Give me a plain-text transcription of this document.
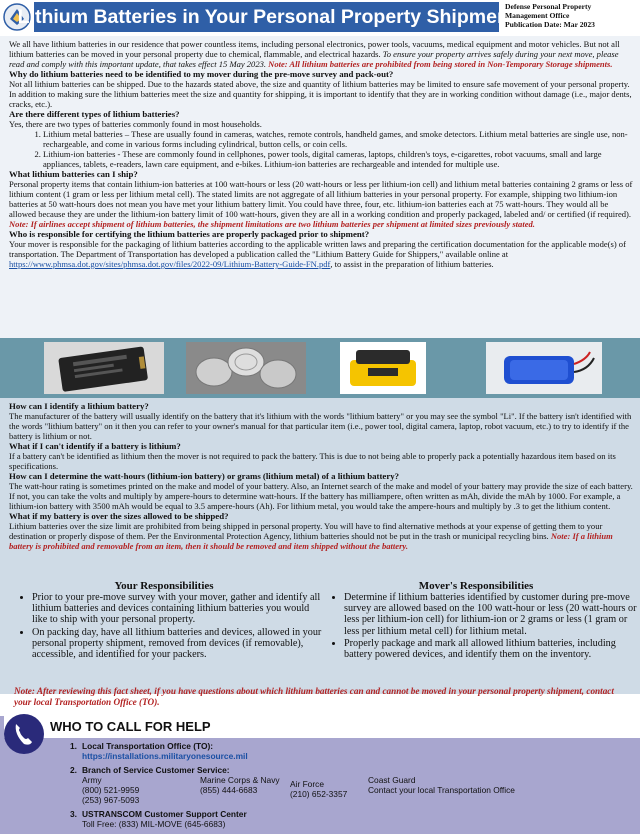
Lithium Batteries in Your Personal Property Shipment
Defense Personal Property
Management Office
Publication Date: Mar 2023

We all have lithium batteries in our residence that power countless items, including personal electronics, power tools, vacuums, medical equipment and motor vehicles. But not all lithium batteries can be moved in your personal property due to chemical, flammable, and electrical hazards. To ensure your property arrives safely during your next move, please read and comply with this important update, that takes effect 15 May 2023. Note: All lithium batteries are prohibited from being stored in Non-Temporary Storage shipments.

Why do lithium batteries need to be identified to my mover during the pre-move survey and pack-out?

Not all lithium batteries can be shipped. Due to the hazards stated above, the size and quantity of lithium batteries may be limited to ensure safe movement of your personal property. In addition to making sure the lithium batteries meet the size and quantity for shipping, it is important to identify that they are in working condition without damage (i.e., major dents, cracks, etc.).

Are there different types of lithium batteries?

Yes, there are two types of batteries commonly found in most households.

1. Lithium metal batteries – These are usually found in cameras, watches, remote controls, handheld games, and smoke detectors. Lithium metal batteries are single use, non-rechargeable, and come in various forms including cylindrical, button cells, or coin cells.
2. Lithium-ion batteries - These are commonly found in cellphones, power tools, digital cameras, laptops, children's toys, e-cigarettes, robot vacuums, small and large appliances, tablets, e-readers, lawn care equipment, and e-bikes. Lithium-ion batteries are rechargeable and intended for multiple use.
What lithium batteries can I ship?

Personal property items that contain lithium-ion batteries at 100 watt-hours or less (20 watt-hours or less per lithium-ion cell) and lithium metal batteries containing 2 grams or less of lithium content (1 gram or less per lithium metal cell). The stated limits are not aggregate of all lithium batteries in your personal property. For example, shipping two lithium-ion batteries at 50 watt-hours does not mean you have met your lithium battery limit. You could have three, four, etc. lithium-ion batteries each at 75 watt-hours. They would all be allowed because they are under the lithium-ion battery limit of 100 watt-hours, given they are all in a working condition and properly packaged, labeled and/ or certified (if required). Note: If airlines accept shipment of lithium batteries, the shipment limitations are two lithium batteries per shipment at limited sizes previously stated.

Who is responsible for certifying the lithium batteries are properly packaged prior to shipment?

Your mover is responsible for the packaging of lithium batteries according to the applicable written laws and preparing the certification documentation for the applicable mode(s) of transportation. The Department of Transportation has developed a publication called the "Lithium Battery Guide for Shippers," available online at https://www.phmsa.dot.gov/sites/phmsa.dot.gov/files/2022-09/Lithium-Battery-Guide-FN.pdf, to assist in the preparation of lithium batteries.

How can I identify a lithium battery?

The manufacturer of the battery will usually identify on the battery that it's lithium with the words "lithium battery" or you may see the symbol "Li". If the battery isn't identified with the words "lithium battery" on it then you can refer to your owner's manual for that particular item (i.e., power tool, digital camera, laptop, robot vacuum, etc.) to try to identify if the battery is lithium or not.

What if I can't identify if a battery is lithium?

If a battery can't be identified as lithium then the mover is not required to pack the battery. This is due to not being able to properly pack a potentially hazardous item based on its specifications.

How can I determine the watt-hours (lithium-ion battery) or grams (lithium metal) of a lithium battery?

The watt-hour rating is sometimes printed on the make and model of your battery. Also, an Internet search of the make and model of your battery may provide the size of each battery. If not, you can take the volts and multiply by ampere-hours to determine watt-hours. If the battery has milliampere, often written as mAh, divide the mAh by 1000. For example, a lithium-ion battery with 3500 mAh would be equal to 3.5 ampere-hours (Ah). For lithium metal, you would take the ampere-hours and multiply by .3 to get the lithium content.

What if my battery is over the sizes allowed to be shipped?

Lithium batteries over the size limit are prohibited from being shipped in personal property. You will have to find alternative methods at your expense of getting them to your destination or properly dispose of them. Per the Environmental Protection Agency, lithium batteries should not be put in the trash or municipal recycling bins. Note: If a lithium battery is prohibited and removable from an item, then it should be removed and item shipped without the battery.

Your Responsibilities
• Prior to your pre-move survey with your mover, gather and identify all lithium batteries and devices containing lithium batteries you would like to ship with your personal property.
• On packing day, have all lithium batteries and devices, allowed in your personal property shipment, removed from devices (if removable), accessible, and identified for your packers.
Mover's Responsibilities
• Determine if lithium batteries identified by customer during pre-move survey are allowed based on the 100 watt-hour or less (20 watt-hours or less per lithium-ion cell) for lithium-ion or 2 grams or less (1 gram or less per lithium metal cell) for lithium metal.
• Properly package and mark all allowed lithium batteries, including battery powered devices, and identify them on the inventory.
Note: After reviewing this fact sheet, if you have questions about which lithium batteries can and cannot be moved in your personal property shipment, contact your local Transportation Office (TO).
WHO TO CALL FOR HELP
1. Local Transportation Office (TO):
https://installations.militaryonesource.mil
2. Branch of Service Customer Service:
Army
(800) 521-9959
(253) 967-5093
Marine Corps & Navy
(855) 444-6683
Air Force
(210) 652-3357
Coast Guard
Contact your local Transportation Office
3. USTRANSCOM Customer Support Center
Toll Free: (833) MIL-MOVE (645-6683)
